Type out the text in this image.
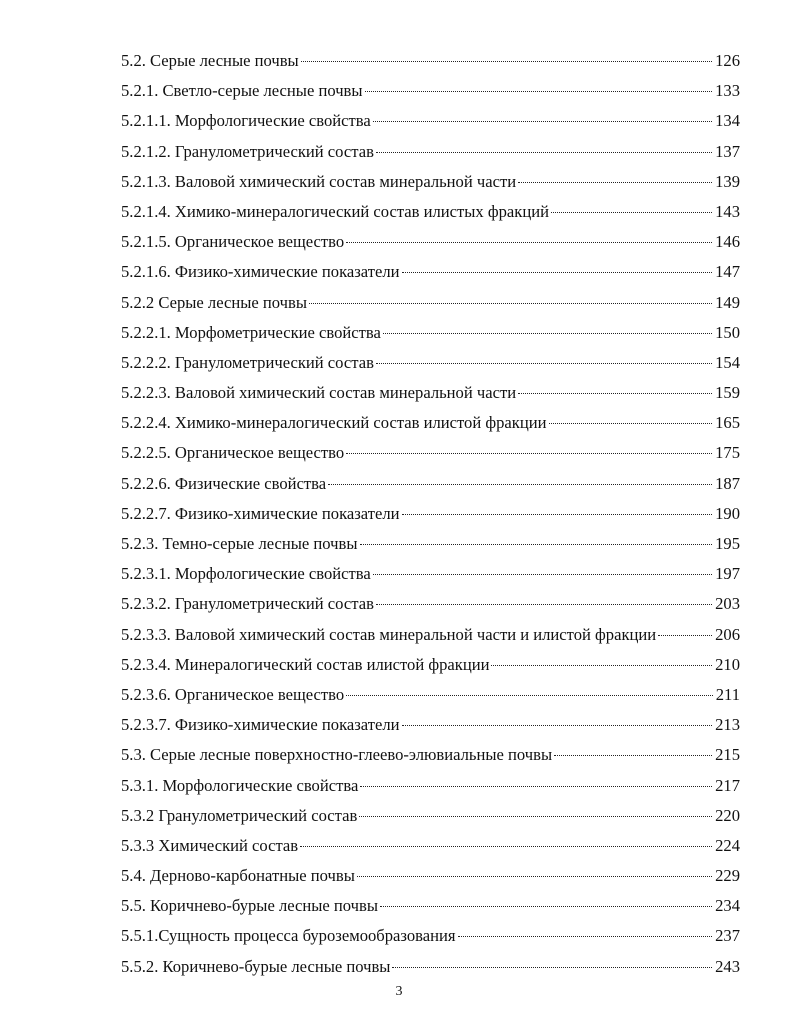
5.2. Серые лесные почвы	126
5.2.1. Светло-серые лесные почвы	133
5.2.1.1. Морфологические свойства	134
5.2.1.2. Гранулометрический состав	137
5.2.1.3. Валовой химический состав минеральной части	139
5.2.1.4. Химико-минералогический состав илистых фракций	143
5.2.1.5. Органическое вещество	146
5.2.1.6. Физико-химические показатели	147
5.2.2 Серые лесные почвы	149
5.2.2.1. Морфометрические свойства	150
5.2.2.2. Гранулометрический состав	154
5.2.2.3. Валовой химический состав минеральной части	159
5.2.2.4. Химико-минералогический состав илистой фракции	165
5.2.2.5. Органическое вещество	175
5.2.2.6. Физические свойства	187
5.2.2.7. Физико-химические показатели	190
5.2.3. Темно-серые лесные почвы	195
5.2.3.1. Морфологические свойства	197
5.2.3.2. Гранулометрический состав	203
5.2.3.3. Валовой химический состав минеральной части и илистой фракции	206
5.2.3.4. Минералогический состав илистой фракции	210
5.2.3.6. Органическое вещество	211
5.2.3.7. Физико-химические показатели	213
5.3. Серые лесные поверхностно-глеево-элювиальные почвы	215
5.3.1. Морфологические свойства	217
5.3.2 Гранулометрический состав	220
5.3.3 Химический состав	224
5.4. Дерново-карбонатные почвы	229
5.5. Коричнево-бурые лесные почвы	234
5.5.1.Сущность процесса буроземообразования	237
5.5.2. Коричнево-бурые лесные почвы	243
3
